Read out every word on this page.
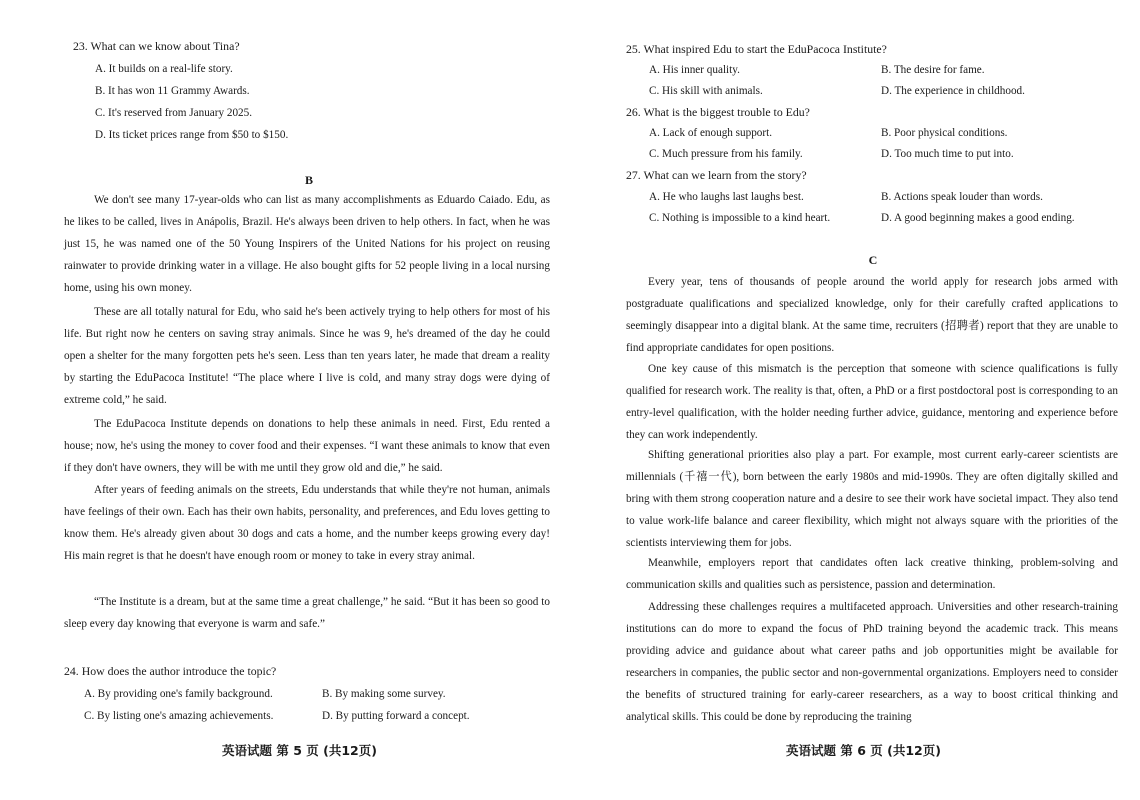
23. What can we know about Tina?
A. It builds on a real-life story.
B. It has won 11 Grammy Awards.
C. It's reserved from January 2025.
D. Its ticket prices range from $50 to $150.
B

We don't see many 17-year-olds who can list as many accomplishments as Eduardo Caiado. Edu, as he likes to be called, lives in Anápolis, Brazil. He's always been driven to help others. In fact, when he was just 15, he was named one of the 50 Young Inspirers of the United Nations for his project on reusing rainwater to provide drinking water in a village. He also bought gifts for 52 people living in a local nursing home, using his own money.

These are all totally natural for Edu, who said he's been actively trying to help others for most of his life. But right now he centers on saving stray animals. Since he was 9, he's dreamed of the day he could open a shelter for the many forgotten pets he's seen. Less than ten years later, he made that dream a reality by starting the EduPacoca Institute! “The place where I live is cold, and many stray dogs were dying of extreme cold,” he said.

The EduPacoca Institute depends on donations to help these animals in need. First, Edu rented a house; now, he's using the money to cover food and their expenses. “I want these animals to know that even if they don't have owners, they will be with me until they grow old and die,” he said.

After years of feeding animals on the streets, Edu understands that while they're not human, animals have feelings of their own. Each has their own habits, personality, and preferences, and Edu loves getting to know them. He's already given about 30 dogs and cats a home, and the number keeps growing every day! His main regret is that he doesn't have enough room or money to take in every stray animal.

“The Institute is a dream, but at the same time a great challenge,” he said. “But it has been so good to sleep every day knowing that everyone is warm and safe.”

24. How does the author introduce the topic?
A. By providing one's family background.	B. By making some survey.
C. By listing one's amazing achievements.	D. By putting forward a concept.
英语试题 第 5 页 (共12页)
25. What inspired Edu to start the EduPacoca Institute?
A. His inner quality.	B. The desire for fame.
C. His skill with animals.	D. The experience in childhood.
26. What is the biggest trouble to Edu?
A. Lack of enough support.	B. Poor physical conditions.
C. Much pressure from his family.	D. Too much time to put into.
27. What can we learn from the story?
A. He who laughs last laughs best.	B. Actions speak louder than words.
C. Nothing is impossible to a kind heart.	D. A good beginning makes a good ending.
C

Every year, tens of thousands of people around the world apply for research jobs armed with postgraduate qualifications and specialized knowledge, only for their carefully crafted applications to seemingly disappear into a digital blank. At the same time, recruiters (招聘者) report that they are unable to find appropriate candidates for open positions.

One key cause of this mismatch is the perception that someone with science qualifications is fully qualified for research work. The reality is that, often, a PhD or a first postdoctoral post is corresponding to an entry-level qualification, with the holder needing further advice, guidance, mentoring and experience before they can work independently.

Shifting generational priorities also play a part. For example, most current early-career scientists are millennials (千禧一代), born between the early 1980s and mid-1990s. They are often digitally skilled and bring with them strong cooperation nature and a desire to see their work have societal impact. They also tend to value work-life balance and career flexibility, which might not always square with the priorities of the scientists interviewing them for jobs.

Meanwhile, employers report that candidates often lack creative thinking, problem-solving and communication skills and qualities such as persistence, passion and determination.

Addressing these challenges requires a multifaceted approach. Universities and other research-training institutions can do more to expand the focus of PhD training beyond the academic track. This means providing advice and guidance about what career paths and job opportunities might be available for researchers in companies, the public sector and non-governmental organizations. Employers need to consider the benefits of structured training for early-career researchers, as a way to boost critical thinking and analytical skills. This could be done by reproducing the training

英语试题 第 6 页 (共12页)
